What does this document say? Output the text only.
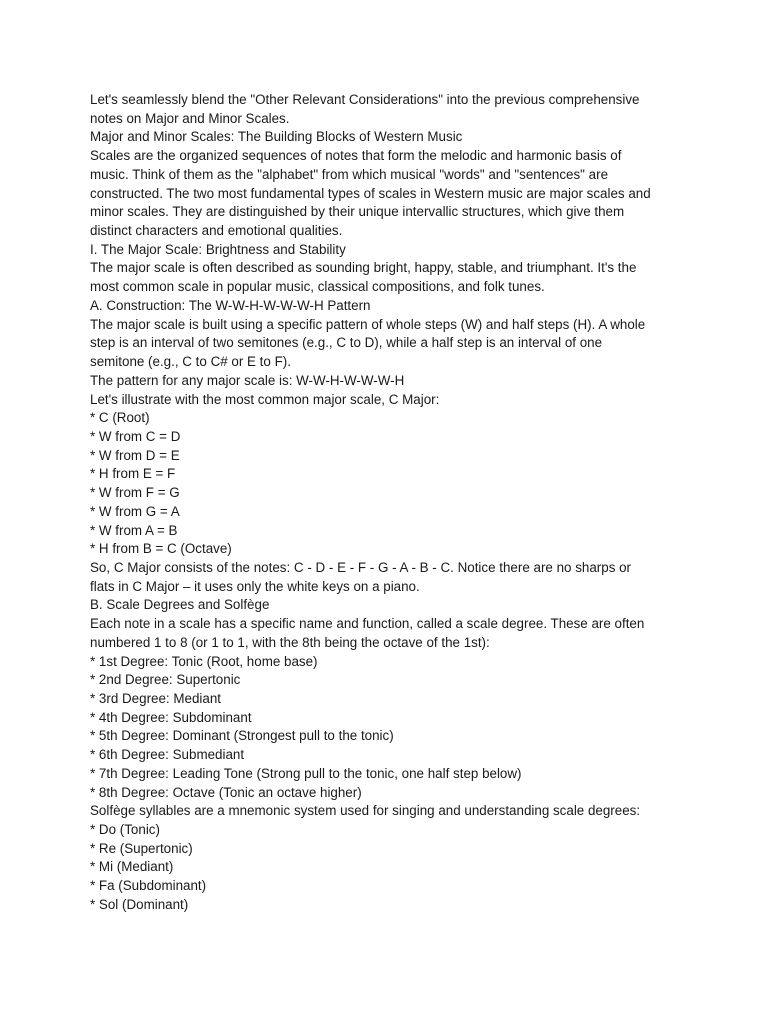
Let's seamlessly blend the "Other Relevant Considerations" into the previous comprehensive
notes on Major and Minor Scales.
Major and Minor Scales: The Building Blocks of Western Music
Scales are the organized sequences of notes that form the melodic and harmonic basis of
music. Think of them as the "alphabet" from which musical "words" and "sentences" are
constructed. The two most fundamental types of scales in Western music are major scales and
minor scales. They are distinguished by their unique intervallic structures, which give them
distinct characters and emotional qualities.
I. The Major Scale: Brightness and Stability
The major scale is often described as sounding bright, happy, stable, and triumphant. It's the
most common scale in popular music, classical compositions, and folk tunes.
A. Construction: The W-W-H-W-W-W-H Pattern
The major scale is built using a specific pattern of whole steps (W) and half steps (H). A whole
step is an interval of two semitones (e.g., C to D), while a half step is an interval of one
semitone (e.g., C to C# or E to F).
The pattern for any major scale is: W-W-H-W-W-W-H
Let's illustrate with the most common major scale, C Major:
* C (Root)
* W from C = D
* W from D = E
* H from E = F
* W from F = G
* W from G = A
* W from A = B
* H from B = C (Octave)
So, C Major consists of the notes: C - D - E - F - G - A - B - C. Notice there are no sharps or
flats in C Major – it uses only the white keys on a piano.
B. Scale Degrees and Solfège
Each note in a scale has a specific name and function, called a scale degree. These are often
numbered 1 to 8 (or 1 to 1, with the 8th being the octave of the 1st):
* 1st Degree: Tonic (Root, home base)
* 2nd Degree: Supertonic
* 3rd Degree: Mediant
* 4th Degree: Subdominant
* 5th Degree: Dominant (Strongest pull to the tonic)
* 6th Degree: Submediant
* 7th Degree: Leading Tone (Strong pull to the tonic, one half step below)
* 8th Degree: Octave (Tonic an octave higher)
Solfège syllables are a mnemonic system used for singing and understanding scale degrees:
* Do (Tonic)
* Re (Supertonic)
* Mi (Mediant)
* Fa (Subdominant)
* Sol (Dominant)
